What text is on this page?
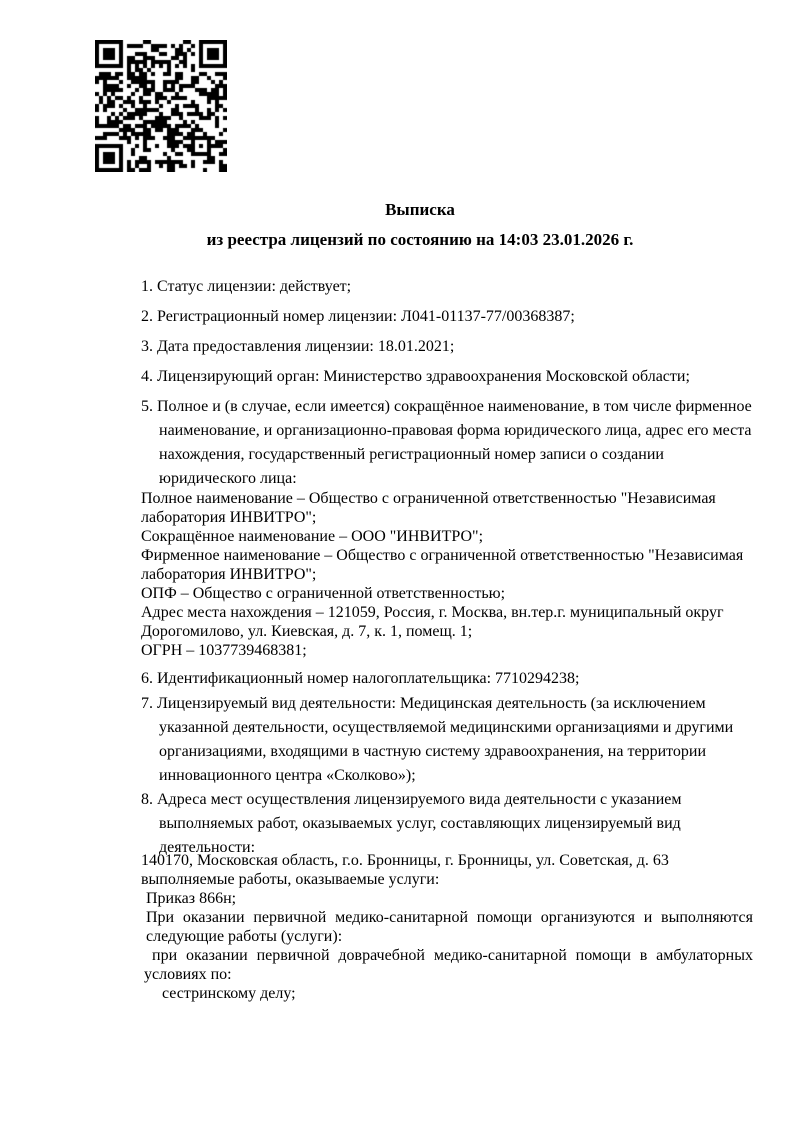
Выписка
из реестра лицензий по состоянию на 14:03 23.01.2026 г.
1. Статус лицензии: действует;
2. Регистрационный номер лицензии: Л041-01137-77/00368387;
3. Дата предоставления лицензии: 18.01.2021;
4. Лицензирующий орган: Министерство здравоохранения Московской области;
5. Полное и (в случае, если имеется) сокращённое наименование, в том числе фирменное наименование, и организационно-правовая форма юридического лица, адрес его места нахождения, государственный регистрационный номер записи о создании юридического лица:
Полное наименование – Общество с ограниченной ответственностью "Независимая лаборатория ИНВИТРО";
Сокращённое наименование – ООО "ИНВИТРО";
Фирменное наименование – Общество с ограниченной ответственностью "Независимая лаборатория ИНВИТРО";
ОПФ – Общество с ограниченной ответственностью;
Адрес места нахождения – 121059, Россия, г. Москва, вн.тер.г. муниципальный округ Дорогомилово, ул. Киевская, д. 7, к. 1, помещ. 1;
ОГРН – 1037739468381;
6. Идентификационный номер налогоплательщика: 7710294238;
7. Лицензируемый вид деятельности: Медицинская деятельность (за исключением указанной деятельности, осуществляемой медицинскими организациями и другими организациями, входящими в частную систему здравоохранения, на территории инновационного центра «Сколково»);
8. Адреса мест осуществления лицензируемого вида деятельности с указанием выполняемых работ, оказываемых услуг, составляющих лицензируемый вид деятельности:
140170, Московская область, г.о. Бронницы, г. Бронницы, ул. Советская, д. 63
выполняемые работы, оказываемые услуги:
Приказ 866н;
При оказании первичной медико-санитарной помощи организуются и выполняются следующие работы (услуги):
при оказании первичной доврачебной медико-санитарной помощи в амбулаторных условиях по:
сестринскому делу;
